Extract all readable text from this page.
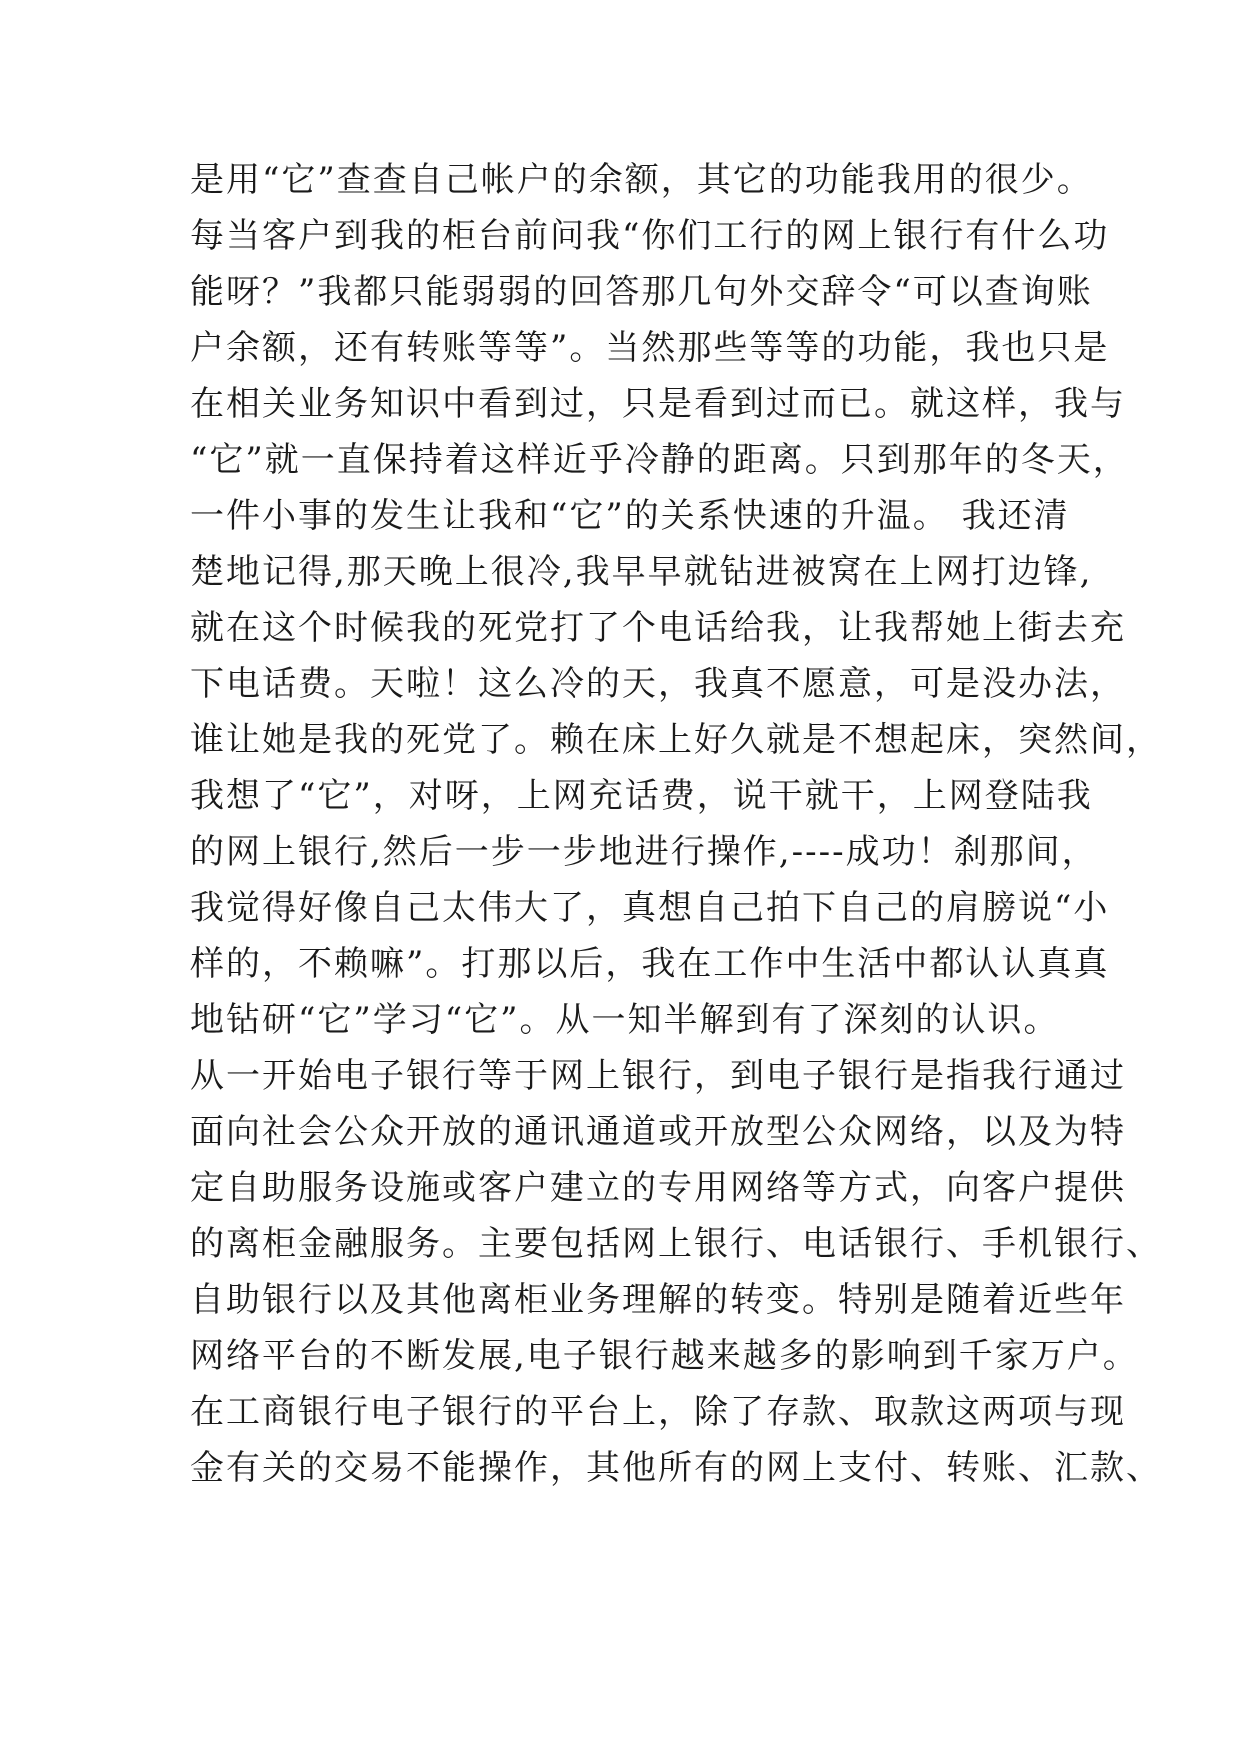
是用“它”查查自己帐户的余额，其它的功能我用的很少。
每当客户到我的柜台前问我“你们工行的网上银行有什么功
能呀？”我都只能弱弱的回答那几句外交辞令“可以查询账
户余额，还有转账等等”。当然那些等等的功能，我也只是
在相关业务知识中看到过，只是看到过而已。就这样，我与
“它”就一直保持着这样近乎冷静的距离。只到那年的冬天，
一件小事的发生让我和“它”的关系快速的升温。 我还清
楚地记得,那天晚上很冷,我早早就钻进被窝在上网打边锋,
就在这个时候我的死党打了个电话给我，让我帮她上街去充
下电话费。天啦！这么冷的天，我真不愿意，可是没办法，
谁让她是我的死党了。赖在床上好久就是不想起床，突然间，
我想了“它”，对呀，上网充话费，说干就干，上网登陆我
的网上银行,然后一步一步地进行操作,----成功！刹那间，
我觉得好像自己太伟大了，真想自己拍下自己的肩膀说“小
样的，不赖嘛”。打那以后，我在工作中生活中都认认真真
地钻研“它”学习“它”。从一知半解到有了深刻的认识。
从一开始电子银行等于网上银行，到电子银行是指我行通过
面向社会公众开放的通讯通道或开放型公众网络，以及为特
定自助服务设施或客户建立的专用网络等方式，向客户提供
的离柜金融服务。主要包括网上银行、电话银行、手机银行、
自助银行以及其他离柜业务理解的转变。特别是随着近些年
网络平台的不断发展,电子银行越来越多的影响到千家万户。
在工商银行电子银行的平台上，除了存款、取款这两项与现
金有关的交易不能操作，其他所有的网上支付、转账、汇款、
